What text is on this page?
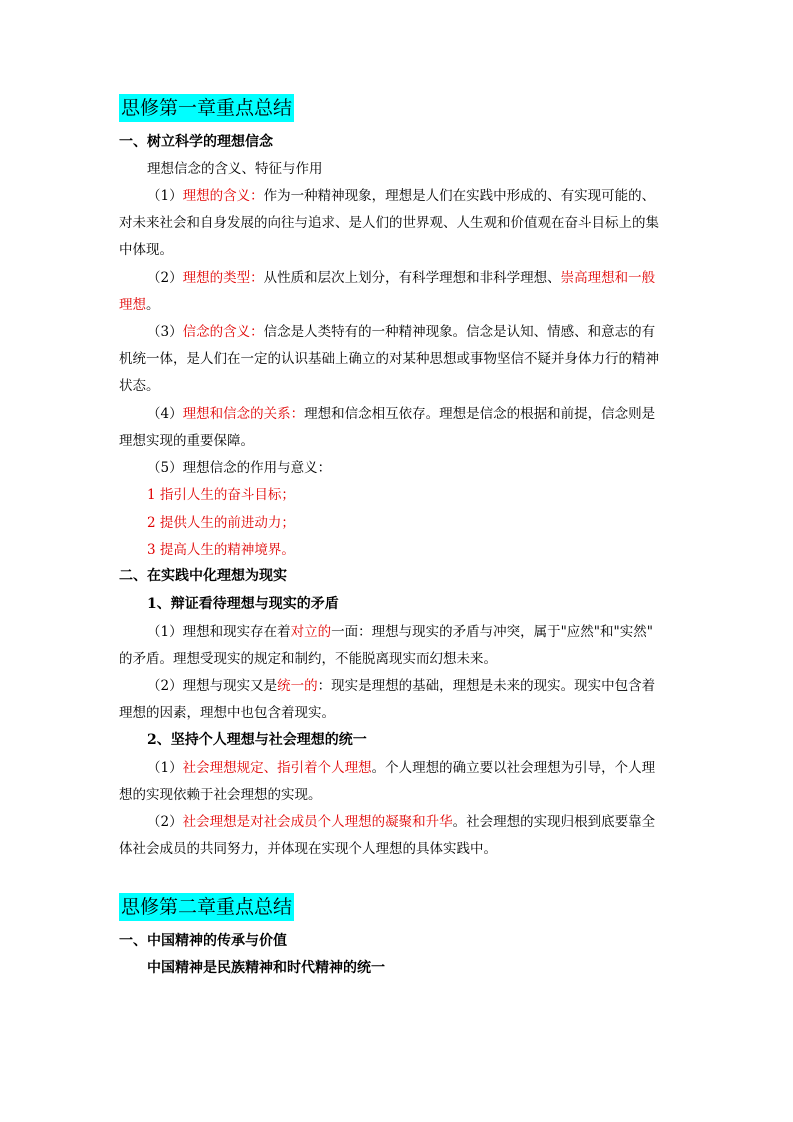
思修第一章重点总结
一、树立科学的理想信念
理想信念的含义、特征与作用
（1）理想的含义：作为一种精神现象，理想是人们在实践中形成的、有实现可能的、
对未来社会和自身发展的向往与追求、是人们的世界观、人生观和价值观在奋斗目标上的集
中体现。
（2）理想的类型：从性质和层次上划分，有科学理想和非科学理想、崇高理想和一般
理想。
（3）信念的含义：信念是人类特有的一种精神现象。信念是认知、情感、和意志的有
机统一体，是人们在一定的认识基础上确立的对某种思想或事物坚信不疑并身体力行的精神
状态。
（4）理想和信念的关系：理想和信念相互依存。理想是信念的根据和前提，信念则是
理想实现的重要保障。
（5）理想信念的作用与意义：
1 指引人生的奋斗目标；
2 提供人生的前进动力；
3 提高人生的精神境界。
二、在实践中化理想为现实
1、辩证看待理想与现实的矛盾
（1）理想和现实存在着对立的一面：理想与现实的矛盾与冲突，属于"应然"和"实然"
的矛盾。理想受现实的规定和制约，不能脱离现实而幻想未来。
（2）理想与现实又是统一的：现实是理想的基础，理想是未来的现实。现实中包含着
理想的因素，理想中也包含着现实。
2、坚持个人理想与社会理想的统一
（1）社会理想规定、指引着个人理想。个人理想的确立要以社会理想为引导，个人理
想的实现依赖于社会理想的实现。
（2）社会理想是对社会成员个人理想的凝聚和升华。社会理想的实现归根到底要靠全
体社会成员的共同努力，并体现在实现个人理想的具体实践中。
思修第二章重点总结
一、中国精神的传承与价值
中国精神是民族精神和时代精神的统一
